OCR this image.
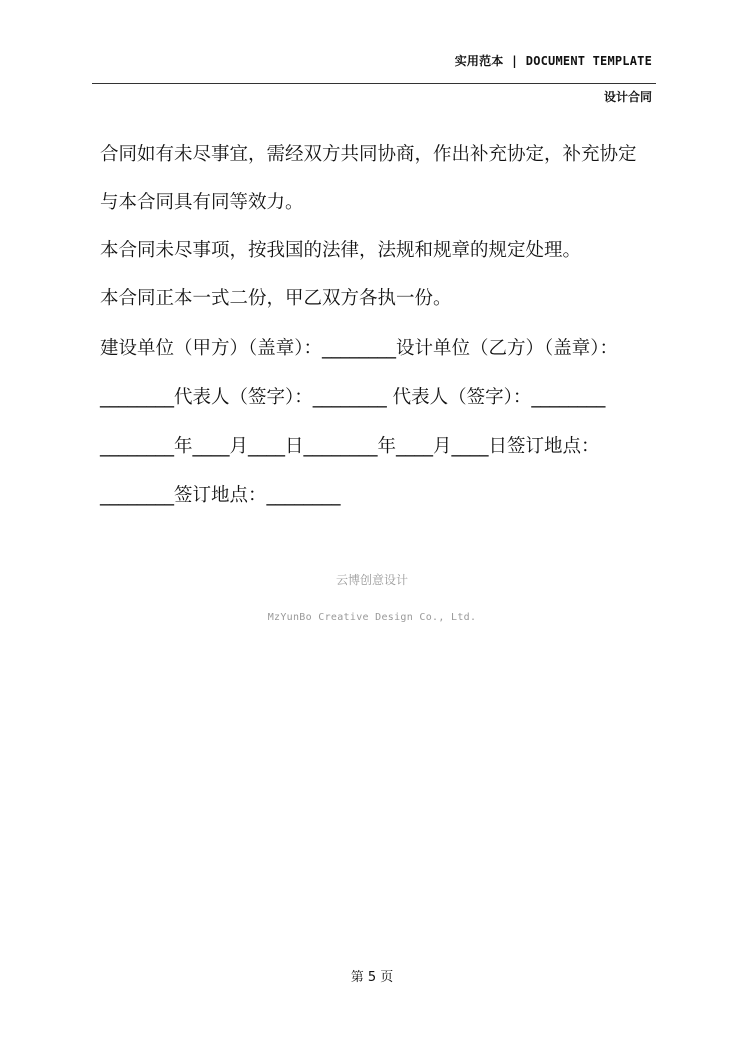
实用范本 | DOCUMENT TEMPLATE
设计合同
合同如有未尽事宜，需经双方共同协商，作出补充协定，补充协定
与本合同具有同等效力。
本合同未尽事项，按我国的法律，法规和规章的规定处理。
本合同正本一式二份，甲乙双方各执一份。
建设单位（甲方）（盖章）：________设计单位（乙方）（盖章）：
________代表人（签字）：________ 代表人（签字）：________
________年____月____日________年____月____日签订地点：
________签订地点：________
云博创意设计
MzYunBo Creative Design Co., Ltd.
第 5 页
